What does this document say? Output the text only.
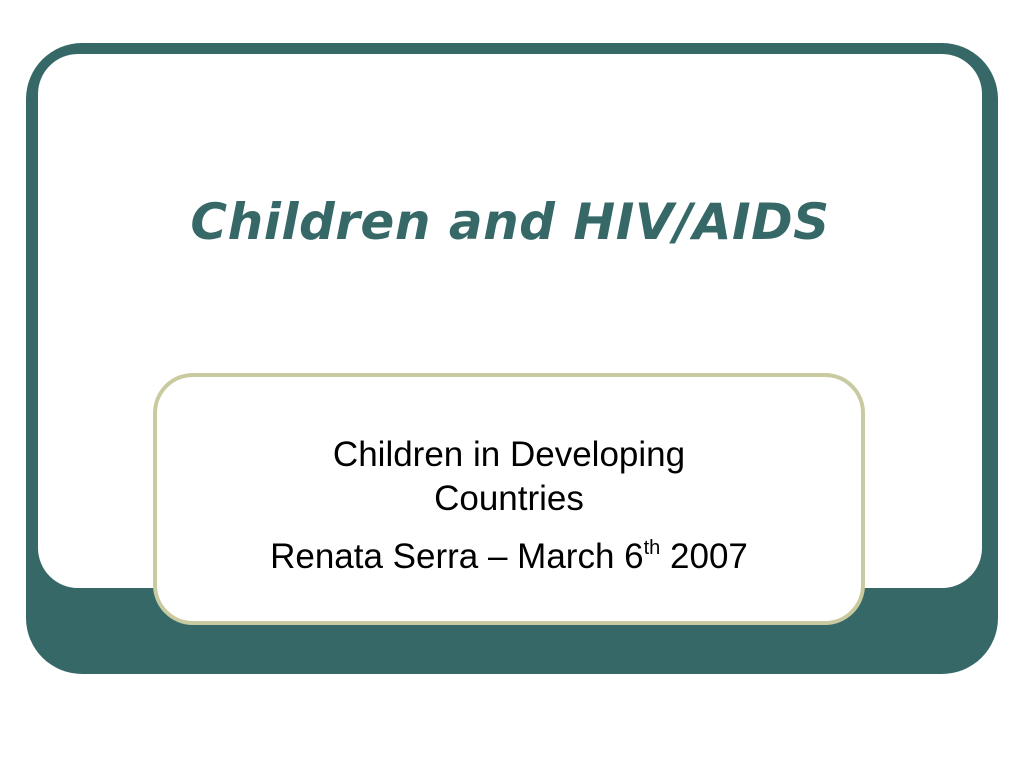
Children and HIV/AIDS

Children in Developing

Countries

Renata Serra – March 6th 2007
